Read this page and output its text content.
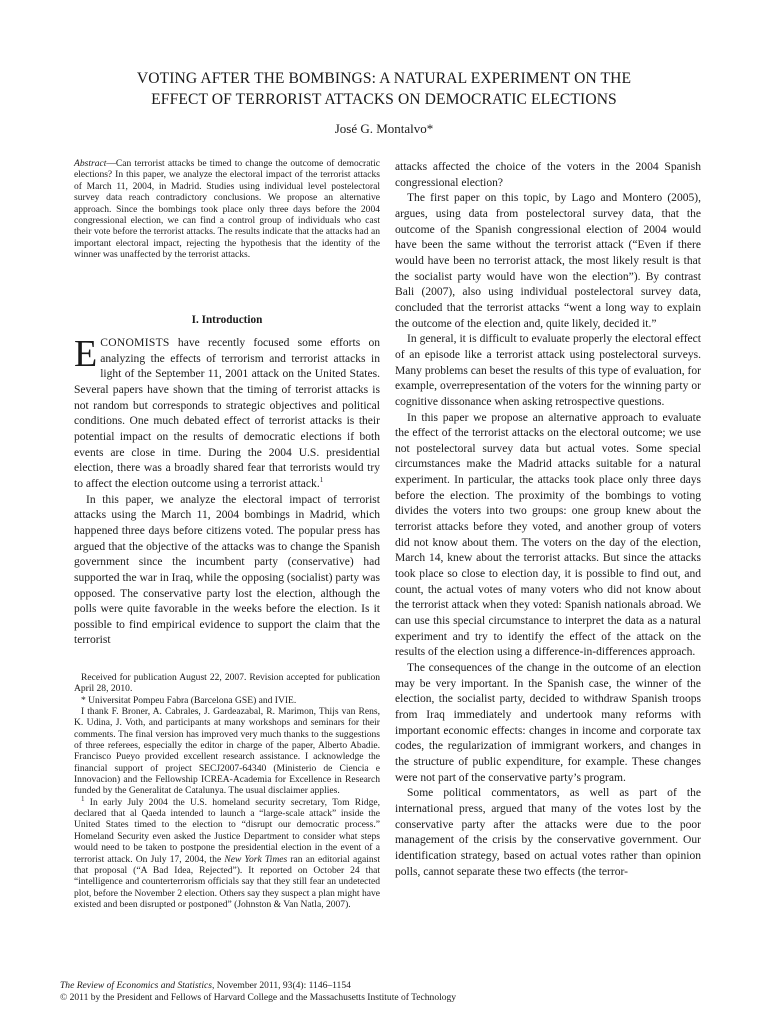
VOTING AFTER THE BOMBINGS: A NATURAL EXPERIMENT ON THE
EFFECT OF TERRORIST ATTACKS ON DEMOCRATIC ELECTIONS

José G. Montalvo*

Abstract—Can terrorist attacks be timed to change the outcome of democratic elections? In this paper, we analyze the electoral impact of the terrorist attacks of March 11, 2004, in Madrid. Studies using individual level postelectoral survey data reach contradictory conclusions. We propose an alternative approach. Since the bombings took place only three days before the 2004 congressional election, we can find a control group of individuals who cast their vote before the terrorist attacks. The results indicate that the attacks had an important electoral impact, rejecting the hypothesis that the identity of the winner was unaffected by the terrorist attacks.

I. Introduction

ECONOMISTS have recently focused some efforts on analyzing the effects of terrorism and terrorist attacks in light of the September 11, 2001 attack on the United States. Several papers have shown that the timing of terrorist attacks is not random but corresponds to strategic objectives and political conditions. One much debated effect of terrorist attacks is their potential impact on the results of democratic elections if both events are close in time. During the 2004 U.S. presidential election, there was a broadly shared fear that terrorists would try to affect the election outcome using a terrorist attack.$^1$

In this paper, we analyze the electoral impact of terrorist attacks using the March 11, 2004 bombings in Madrid, which happened three days before citizens voted. The popular press has argued that the objective of the attacks was to change the Spanish government since the incumbent party (conservative) had supported the war in Iraq, while the opposing (socialist) party was opposed. The conservative party lost the election, although the polls were quite favorable in the weeks before the election. Is it possible to find empirical evidence to support the claim that the terrorist

Received for publication August 22, 2007. Revision accepted for publication April 28, 2010.

* Universitat Pompeu Fabra (Barcelona GSE) and IVIE.

I thank F. Broner, A. Cabrales, J. Gardeazabal, R. Marimon, Thijs van Rens, K. Udina, J. Voth, and participants at many workshops and seminars for their comments. The final version has improved very much thanks to the suggestions of three referees, especially the editor in charge of the paper, Alberto Abadie. Francisco Pueyo provided excellent research assistance. I acknowledge the financial support of project SECJ2007-64340 (Ministerio de Ciencia e Innovacion) and the Fellowship ICREA-Academia for Excellence in Research funded by the Generalitat de Catalunya. The usual disclaimer applies.

$^1$ In early July 2004 the U.S. homeland security secretary, Tom Ridge, declared that al Qaeda intended to launch a “large-scale attack” inside the United States timed to the election to “disrupt our democratic process.” Homeland Security even asked the Justice Department to consider what steps would need to be taken to postpone the presidential election in the event of a terrorist attack. On July 17, 2004, the New York Times ran an editorial against that proposal (“A Bad Idea, Rejected”). It reported on October 24 that “intelligence and counterterrorism officials say that they still fear an undetected plot, before the November 2 election. Others say they suspect a plan might have existed and been disrupted or postponed” (Johnston & Van Natla, 2007).

attacks affected the choice of the voters in the 2004 Spanish congressional election?

The first paper on this topic, by Lago and Montero (2005), argues, using data from postelectoral survey data, that the outcome of the Spanish congressional election of 2004 would have been the same without the terrorist attack (“Even if there would have been no terrorist attack, the most likely result is that the socialist party would have won the election”). By contrast Bali (2007), also using individual postelectoral survey data, concluded that the terrorist attacks “went a long way to explain the outcome of the election and, quite likely, decided it.”

In general, it is difficult to evaluate properly the electoral effect of an episode like a terrorist attack using postelectoral surveys. Many problems can beset the results of this type of evaluation, for example, overrepresentation of the voters for the winning party or cognitive dissonance when asking retrospective questions.

In this paper we propose an alternative approach to evaluate the effect of the terrorist attacks on the electoral outcome; we use not postelectoral survey data but actual votes. Some special circumstances make the Madrid attacks suitable for a natural experiment. In particular, the attacks took place only three days before the election. The proximity of the bombings to voting divides the voters into two groups: one group knew about the terrorist attacks before they voted, and another group of voters did not know about them. The voters on the day of the election, March 14, knew about the terrorist attacks. But since the attacks took place so close to election day, it is possible to find out, and count, the actual votes of many voters who did not know about the terrorist attack when they voted: Spanish nationals abroad. We can use this special circumstance to interpret the data as a natural experiment and try to identify the effect of the attack on the results of the election using a difference-in-differences approach.

The consequences of the change in the outcome of an election may be very important. In the Spanish case, the winner of the election, the socialist party, decided to withdraw Spanish troops from Iraq immediately and undertook many reforms with important economic effects: changes in income and corporate tax codes, the regularization of immigrant workers, and changes in the structure of public expenditure, for example. These changes were not part of the conservative party’s program.

Some political commentators, as well as part of the international press, argued that many of the votes lost by the conservative party after the attacks were due to the poor management of the crisis by the conservative government. Our identification strategy, based on actual votes rather than opinion polls, cannot separate these two effects (the terror-

The Review of Economics and Statistics, November 2011, 93(4): 1146–1154

© 2011 by the President and Fellows of Harvard College and the Massachusetts Institute of Technology
